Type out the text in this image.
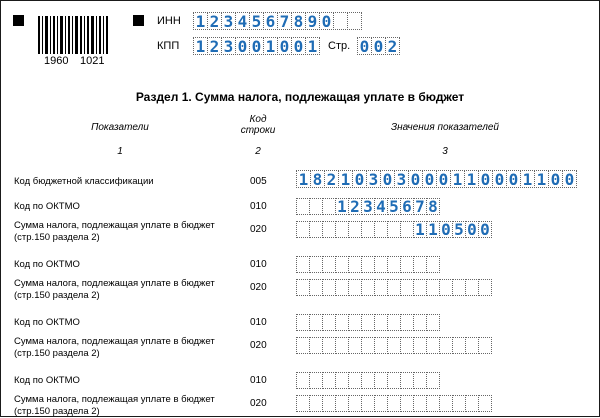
1960 1021
ИНН 1 2 3 4 5 6 7 8 9 0
КПП 1 2 3 0 0 1 0 0 1 Стр. 0 0 2
Раздел 1. Сумма налога, подлежащая уплате в бюджет
Показатели
Код
строки	Значения показателей
1	2	3
Код бюджетной классификации	005 1 8 2 1 0 3 0 3 0 0 0 1 1 0 0 0 1 1 0 0
Код по ОКТМО	010	1 2 3 4 5 6 7 8
Сумма налога, подлежащая уплате в бюджет
(стр.150 раздела 2)
020	1 1 0 5 0 0
Код по ОКТМО	010
Сумма налога, подлежащая уплате в бюджет
(стр.150 раздела 2)
020
Код по ОКТМО	010
Сумма налога, подлежащая уплате в бюджет
(стр.150 раздела 2)
020
Код по ОКТМО	010
Сумма налога, подлежащая уплате в бюджет
(стр.150 раздела 2)
020
